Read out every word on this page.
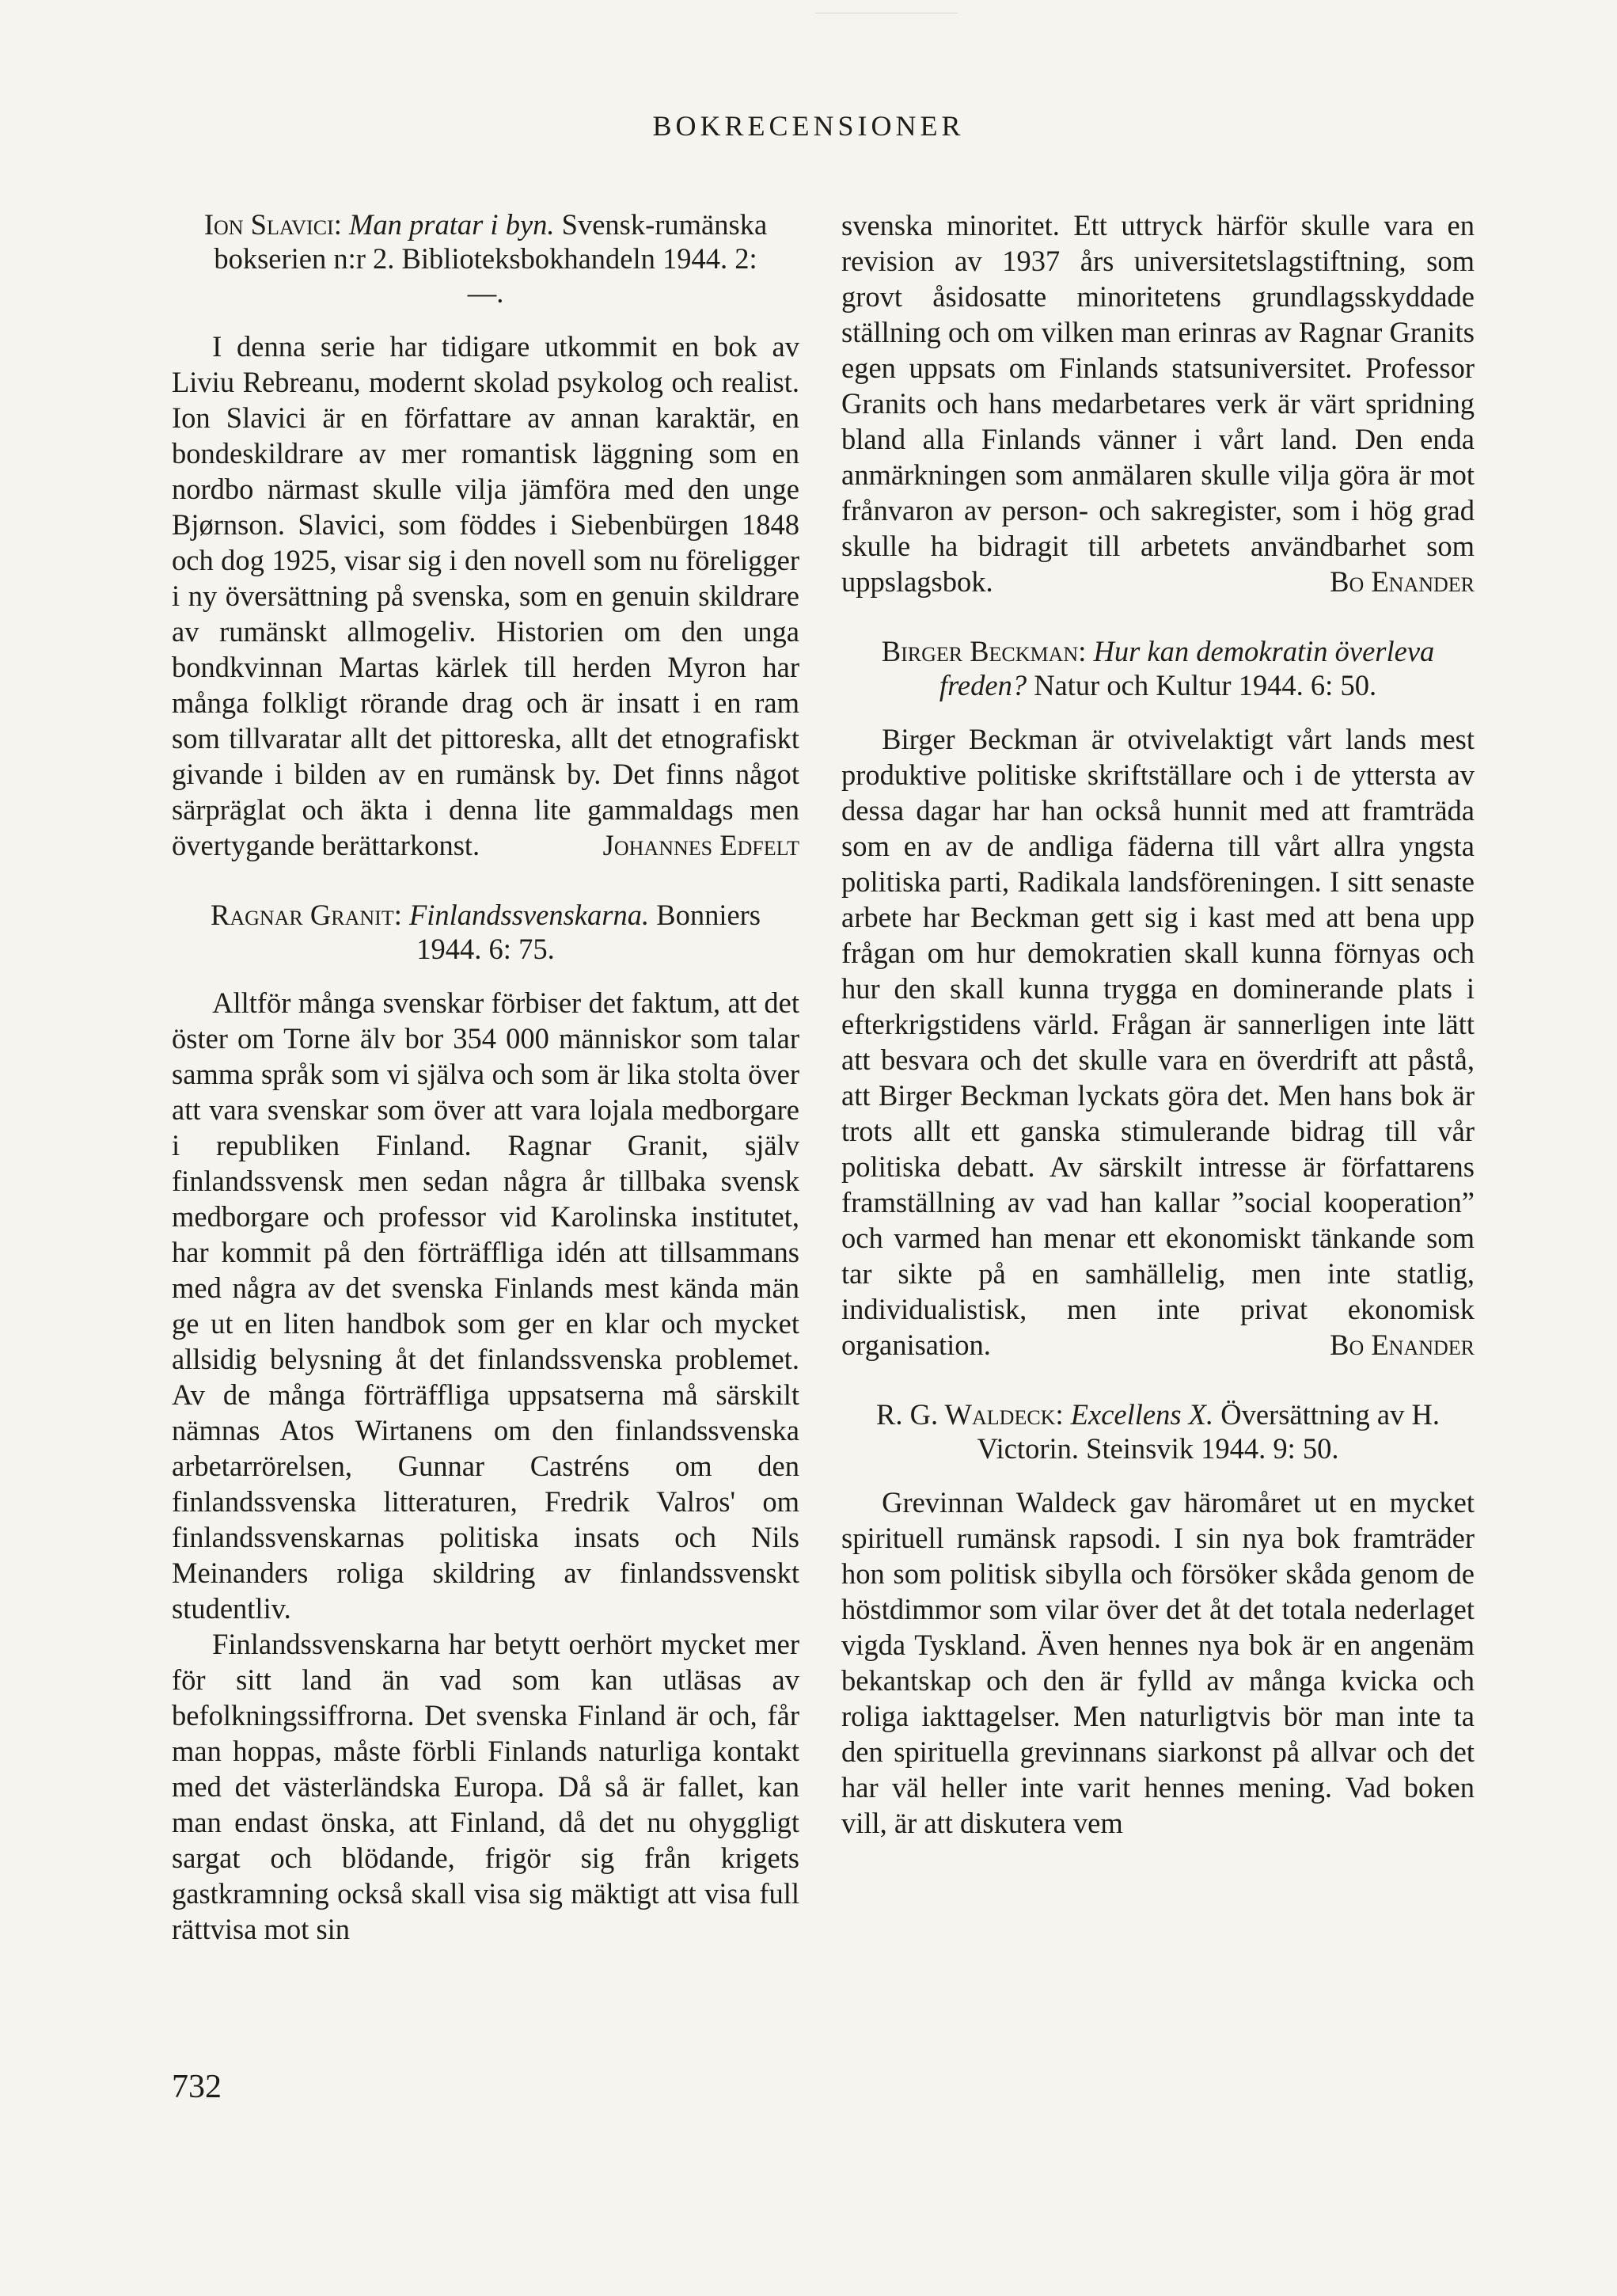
BOKRECENSIONER
Ion Slavici: Man pratar i byn. Svensk-rumänska bokserien n:r 2. Biblioteksbokhandeln 1944. 2: —.

I denna serie har tidigare utkommit en bok av Liviu Rebreanu, modernt skolad psykolog och realist. Ion Slavici är en författare av annan karaktär, en bondeskildrare av mer romantisk läggning som en nordbo närmast skulle vilja jämföra med den unge Bjørnson. Slavici, som föddes i Siebenbürgen 1848 och dog 1925, visar sig i den novell som nu föreligger i ny översättning på svenska, som en genuin skildrare av rumänskt allmogeliv. Historien om den unga bondkvinnan Martas kärlek till herden Myron har många folkligt rörande drag och är insatt i en ram som tillvaratar allt det pittoreska, allt det etnografiskt givande i bilden av en rumänsk by. Det finns något särpräglat och äkta i denna lite gammaldags men övertygande berättarkonst.	Johannes Edfelt

Ragnar Granit: Finlandssvenskarna. Bonniers 1944. 6: 75.

Alltför många svenskar förbiser det faktum, att det öster om Torne älv bor 354 000 människor som talar samma språk som vi själva och som är lika stolta över att vara svenskar som över att vara lojala medborgare i republiken Finland. Ragnar Granit, själv finlandssvensk men sedan några år tillbaka svensk medborgare och professor vid Karolinska institutet, har kommit på den förträffliga idén att tillsammans med några av det svenska Finlands mest kända män ge ut en liten handbok som ger en klar och mycket allsidig belysning åt det finlandssvenska problemet. Av de många förträffliga uppsatserna må särskilt nämnas Atos Wirtanens om den finlandssvenska arbetarrörelsen, Gunnar Castréns om den finlandssvenska litteraturen, Fredrik Valros' om finlandssvenskarnas politiska insats och Nils Meinanders roliga skildring av finlandssvenskt studentliv.

Finlandssvenskarna har betytt oerhört mycket mer för sitt land än vad som kan utläsas av befolkningssiffrorna. Det svenska Finland är och, får man hoppas, måste förbli Finlands naturliga kontakt med det västerländska Europa. Då så är fallet, kan man endast önska, att Finland, då det nu ohyggligt sargat och blödande, frigör sig från krigets gastkramning också skall visa sig mäktigt att visa full rättvisa mot sin

svenska minoritet. Ett uttryck härför skulle vara en revision av 1937 års universitetslagstiftning, som grovt åsidosatte minoritetens grundlagsskyddade ställning och om vilken man erinras av Ragnar Granits egen uppsats om Finlands statsuniversitet. Professor Granits och hans medarbetares verk är värt spridning bland alla Finlands vänner i vårt land. Den enda anmärkningen som anmälaren skulle vilja göra är mot frånvaron av person- och sakregister, som i hög grad skulle ha bidragit till arbetets användbarhet som uppslagsbok.	Bo Enander

Birger Beckman: Hur kan demokratin överleva freden? Natur och Kultur 1944. 6: 50.

Birger Beckman är otvivelaktigt vårt lands mest produktive politiske skriftställare och i de yttersta av dessa dagar har han också hunnit med att framträda som en av de andliga fäderna till vårt allra yngsta politiska parti, Radikala landsföreningen. I sitt senaste arbete har Beckman gett sig i kast med att bena upp frågan om hur demokratien skall kunna förnyas och hur den skall kunna trygga en dominerande plats i efterkrigstidens värld. Frågan är sannerligen inte lätt att besvara och det skulle vara en överdrift att påstå, att Birger Beckman lyckats göra det. Men hans bok är trots allt ett ganska stimulerande bidrag till vår politiska debatt. Av särskilt intresse är författarens framställning av vad han kallar ”social kooperation” och varmed han menar ett ekonomiskt tänkande som tar sikte på en samhällelig, men inte statlig, individualistisk, men inte privat ekonomisk organisation.	Bo Enander

R. G. Waldeck: Excellens X. Översättning av H. Victorin. Steinsvik 1944. 9: 50.

Grevinnan Waldeck gav häromåret ut en mycket spirituell rumänsk rapsodi. I sin nya bok framträder hon som politisk sibylla och försöker skåda genom de höstdimmor som vilar över det åt det totala nederlaget vigda Tyskland. Även hennes nya bok är en angenäm bekantskap och den är fylld av många kvicka och roliga iakttagelser. Men naturligtvis bör man inte ta den spirituella grevinnans siarkonst på allvar och det har väl heller inte varit hennes mening. Vad boken vill, är att diskutera vem

732
